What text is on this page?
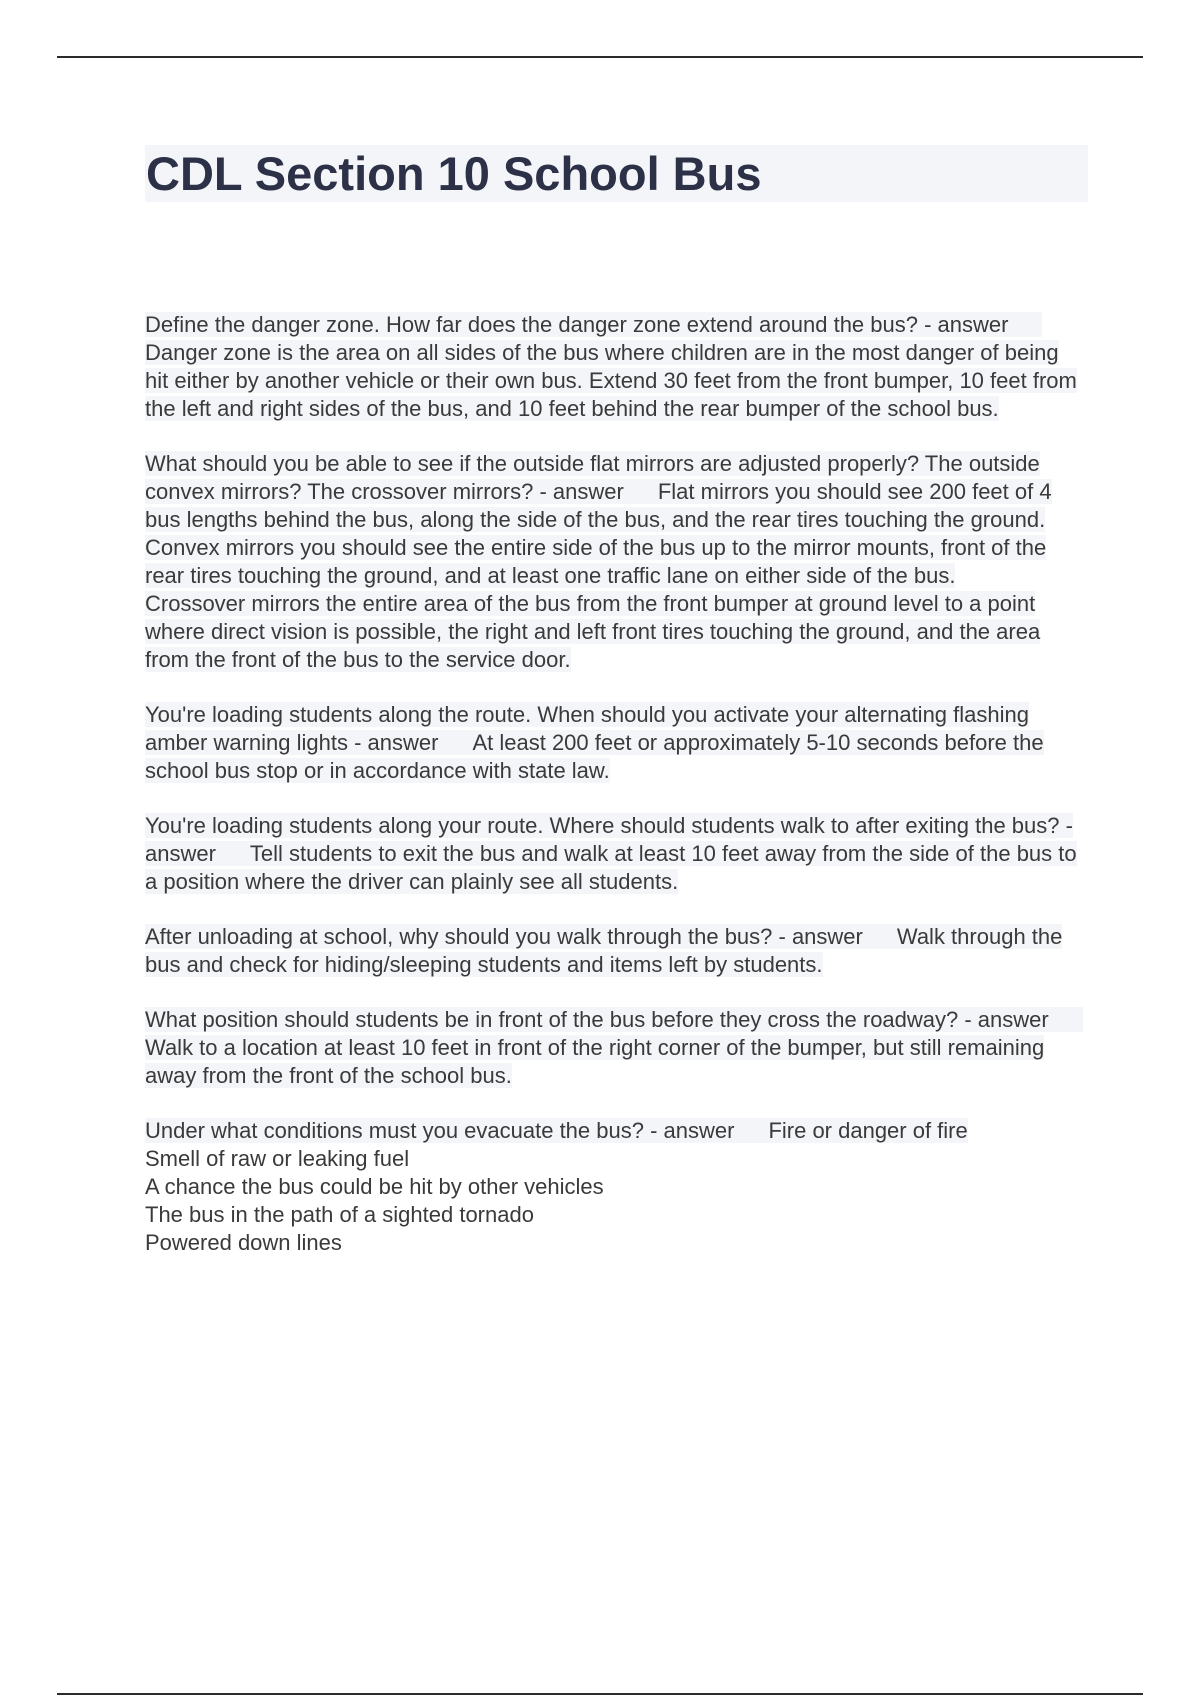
CDL Section 10 School Bus

Define the danger zone. How far does the danger zone extend around the bus? - answerDanger zone is the area on all sides of the bus where children are in the most danger of being hit either by another vehicle or their own bus. Extend 30 feet from the front bumper, 10 feet from the left and right sides of the bus, and 10 feet behind the rear bumper of the school bus.

What should you be able to see if the outside flat mirrors are adjusted properly? The outside convex mirrors? The crossover mirrors? - answer Flat mirrors you should see 200 feet of 4 bus lengths behind the bus, along the side of the bus, and the rear tires touching the ground.

Convex mirrors you should see the entire side of the bus up to the mirror mounts, front of the rear tires touching the ground, and at least one traffic lane on either side of the bus.

Crossover mirrors the entire area of the bus from the front bumper at ground level to a point where direct vision is possible, the right and left front tires touching the ground, and the area from the front of the bus to the service door.

You're loading students along the route. When should you activate your alternating flashing amber warning lights - answer At least 200 feet or approximately 5-10 seconds before the school bus stop or in accordance with state law.

You're loading students along your route. Where should students walk to after exiting the bus? - answer Tell students to exit the bus and walk at least 10 feet away from the side of the bus to a position where the driver can plainly see all students.

After unloading at school, why should you walk through the bus? - answer Walk through the bus and check for hiding/sleeping students and items left by students.

What position should students be in front of the bus before they cross the roadway? - answerWalk to a location at least 10 feet in front of the right corner of the bumper, but still remaining away from the front of the school bus.

Under what conditions must you evacuate the bus? - answer Fire or danger of fire

Smell of raw or leaking fuel

A chance the bus could be hit by other vehicles

The bus in the path of a sighted tornado

Powered down lines
